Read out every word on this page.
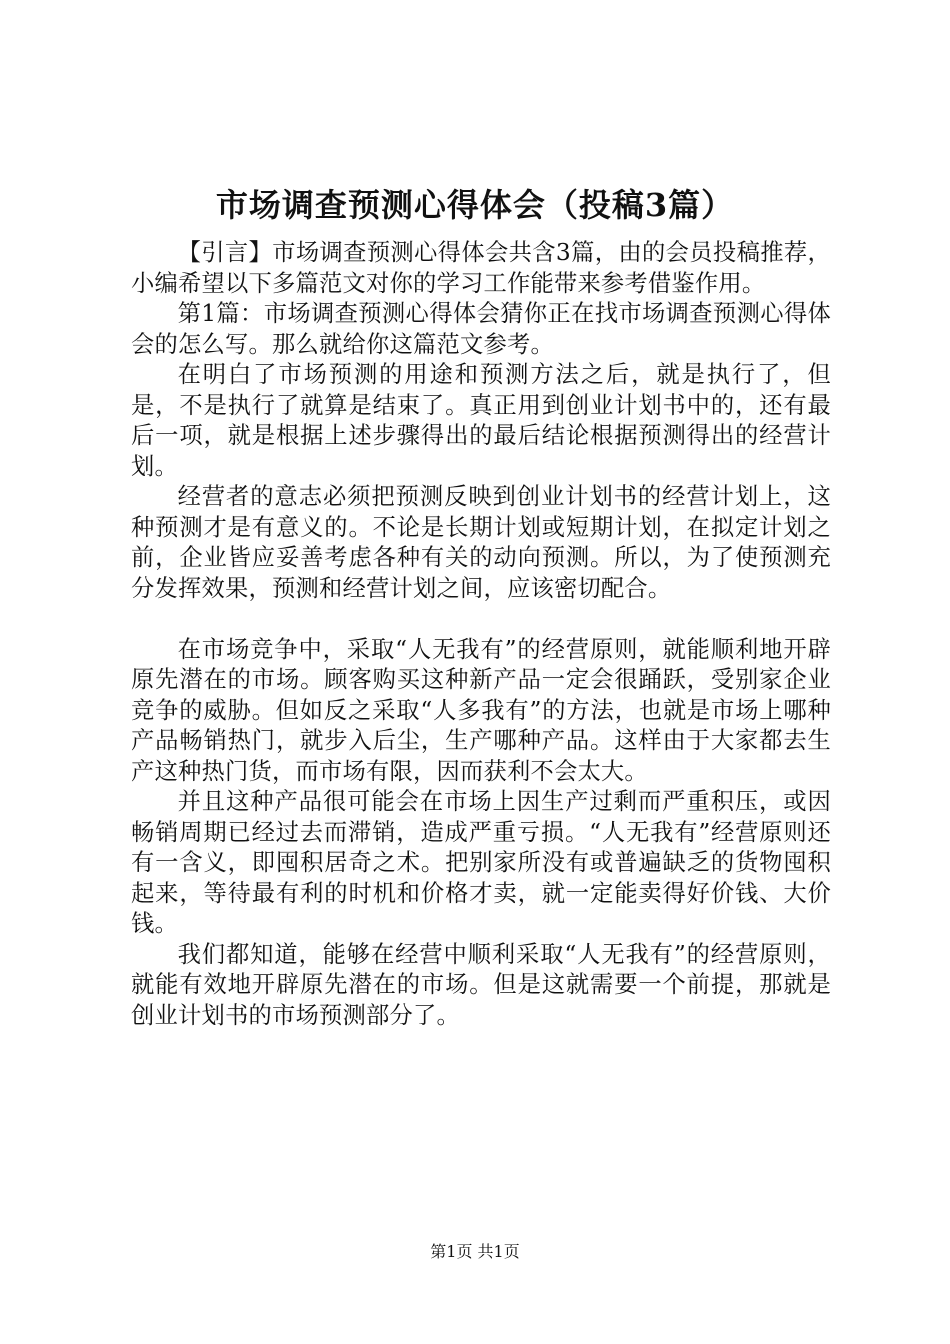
市场调查预测心得体会（投稿3篇）

【引言】市场调查预测心得体会共含3篇，由的会员投稿推荐，小编希望以下多篇范文对你的学习工作能带来参考借鉴作用。

第1篇：市场调查预测心得体会猜你正在找市场调查预测心得体会的怎么写。那么就给你这篇范文参考。

在明白了市场预测的用途和预测方法之后，就是执行了，但是，不是执行了就算是结束了。真正用到创业计划书中的，还有最后一项，就是根据上述步骤得出的最后结论根据预测得出的经营计划。

经营者的意志必须把预测反映到创业计划书的经营计划上，这种预测才是有意义的。不论是长期计划或短期计划，在拟定计划之前，企业皆应妥善考虑各种有关的动向预测。所以，为了使预测充分发挥效果，预测和经营计划之间，应该密切配合。

在市场竞争中，采取“人无我有”的经营原则，就能顺利地开辟原先潜在的市场。顾客购买这种新产品一定会很踊跃，受别家企业竞争的威胁。但如反之采取“人多我有”的方法，也就是市场上哪种产品畅销热门，就步入后尘，生产哪种产品。这样由于大家都去生产这种热门货，而市场有限，因而获利不会太大。

并且这种产品很可能会在市场上因生产过剩而严重积压，或因畅销周期已经过去而滞销，造成严重亏损。“人无我有”经营原则还有一含义，即囤积居奇之术。把别家所没有或普遍缺乏的货物囤积起来，等待最有利的时机和价格才卖，就一定能卖得好价钱、大价钱。

我们都知道，能够在经营中顺利采取“人无我有”的经营原则，就能有效地开辟原先潜在的市场。但是这就需要一个前提，那就是创业计划书的市场预测部分了。

第1页 共1页
